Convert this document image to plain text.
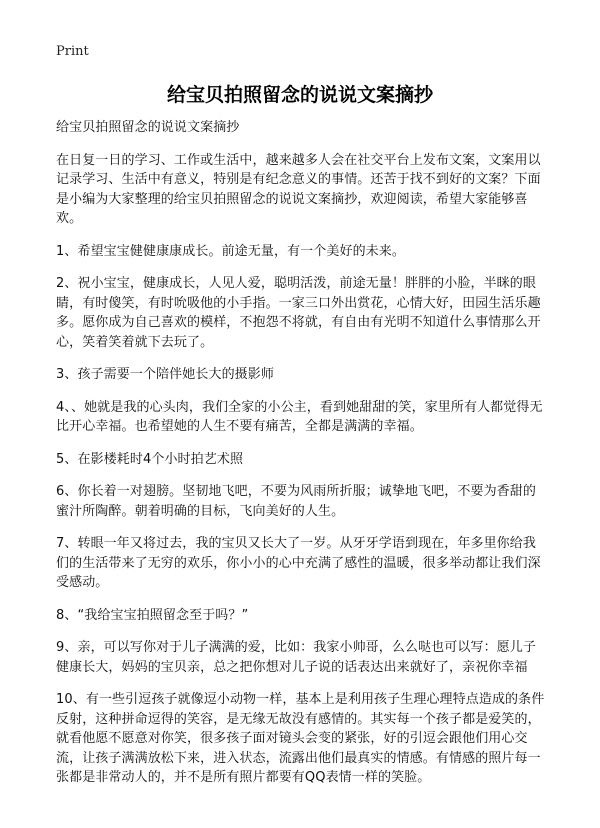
Print
给宝贝拍照留念的说说文案摘抄

给宝贝拍照留念的说说文案摘抄

在日复一日的学习、工作或生活中，越来越多人会在社交平台上发布文案，文案用以记录学习、生活中有意义，特别是有纪念意义的事情。还苦于找不到好的文案？下面是小编为大家整理的给宝贝拍照留念的说说文案摘抄，欢迎阅读，希望大家能够喜欢。

1、希望宝宝健健康康成长。前途无量，有一个美好的未来。

2、祝小宝宝，健康成长，人见人爱，聪明活泼，前途无量！胖胖的小脸，半眯的眼睛，有时傻笑，有时吮吸他的小手指。一家三口外出赏花，心情大好，田园生活乐趣多。愿你成为自己喜欢的模样，不抱怨不将就，有自由有光明不知道什么事情那么开心，笑着笑着就下去玩了。

3、孩子需要一个陪伴她长大的摄影师

4、、她就是我的心头肉，我们全家的小公主，看到她甜甜的笑，家里所有人都觉得无比开心幸福。也希望她的人生不要有痛苦，全都是满满的幸福。

5、在影楼耗时4个小时拍艺术照

6、你长着一对翅膀。坚韧地飞吧，不要为风雨所折服；诚挚地飞吧，不要为香甜的蜜汁所陶醉。朝着明确的目标，飞向美好的人生。

7、转眼一年又将过去，我的宝贝又长大了一岁。从牙牙学语到现在，年多里你给我们的生活带来了无穷的欢乐，你小小的心中充满了感性的温暖，很多举动都让我们深受感动。

8、“我给宝宝拍照留念至于吗？”

9、亲，可以写你对于儿子满满的爱，比如：我家小帅哥，么么哒也可以写：愿儿子健康长大，妈妈的宝贝亲，总之把你想对儿子说的话表达出来就好了，亲祝你幸福

10、有一些引逗孩子就像逗小动物一样，基本上是利用孩子生理心理特点造成的条件反射，这种拼命逗得的笑容，是无缘无故没有感情的。其实每一个孩子都是爱笑的，就看他愿不愿意对你笑，很多孩子面对镜头会变的紧张，好的引逗会跟他们用心交流，让孩子满满放松下来，进入状态，流露出他们最真实的情感。有情感的照片每一张都是非常动人的，并不是所有照片都要有QQ表情一样的笑脸。
